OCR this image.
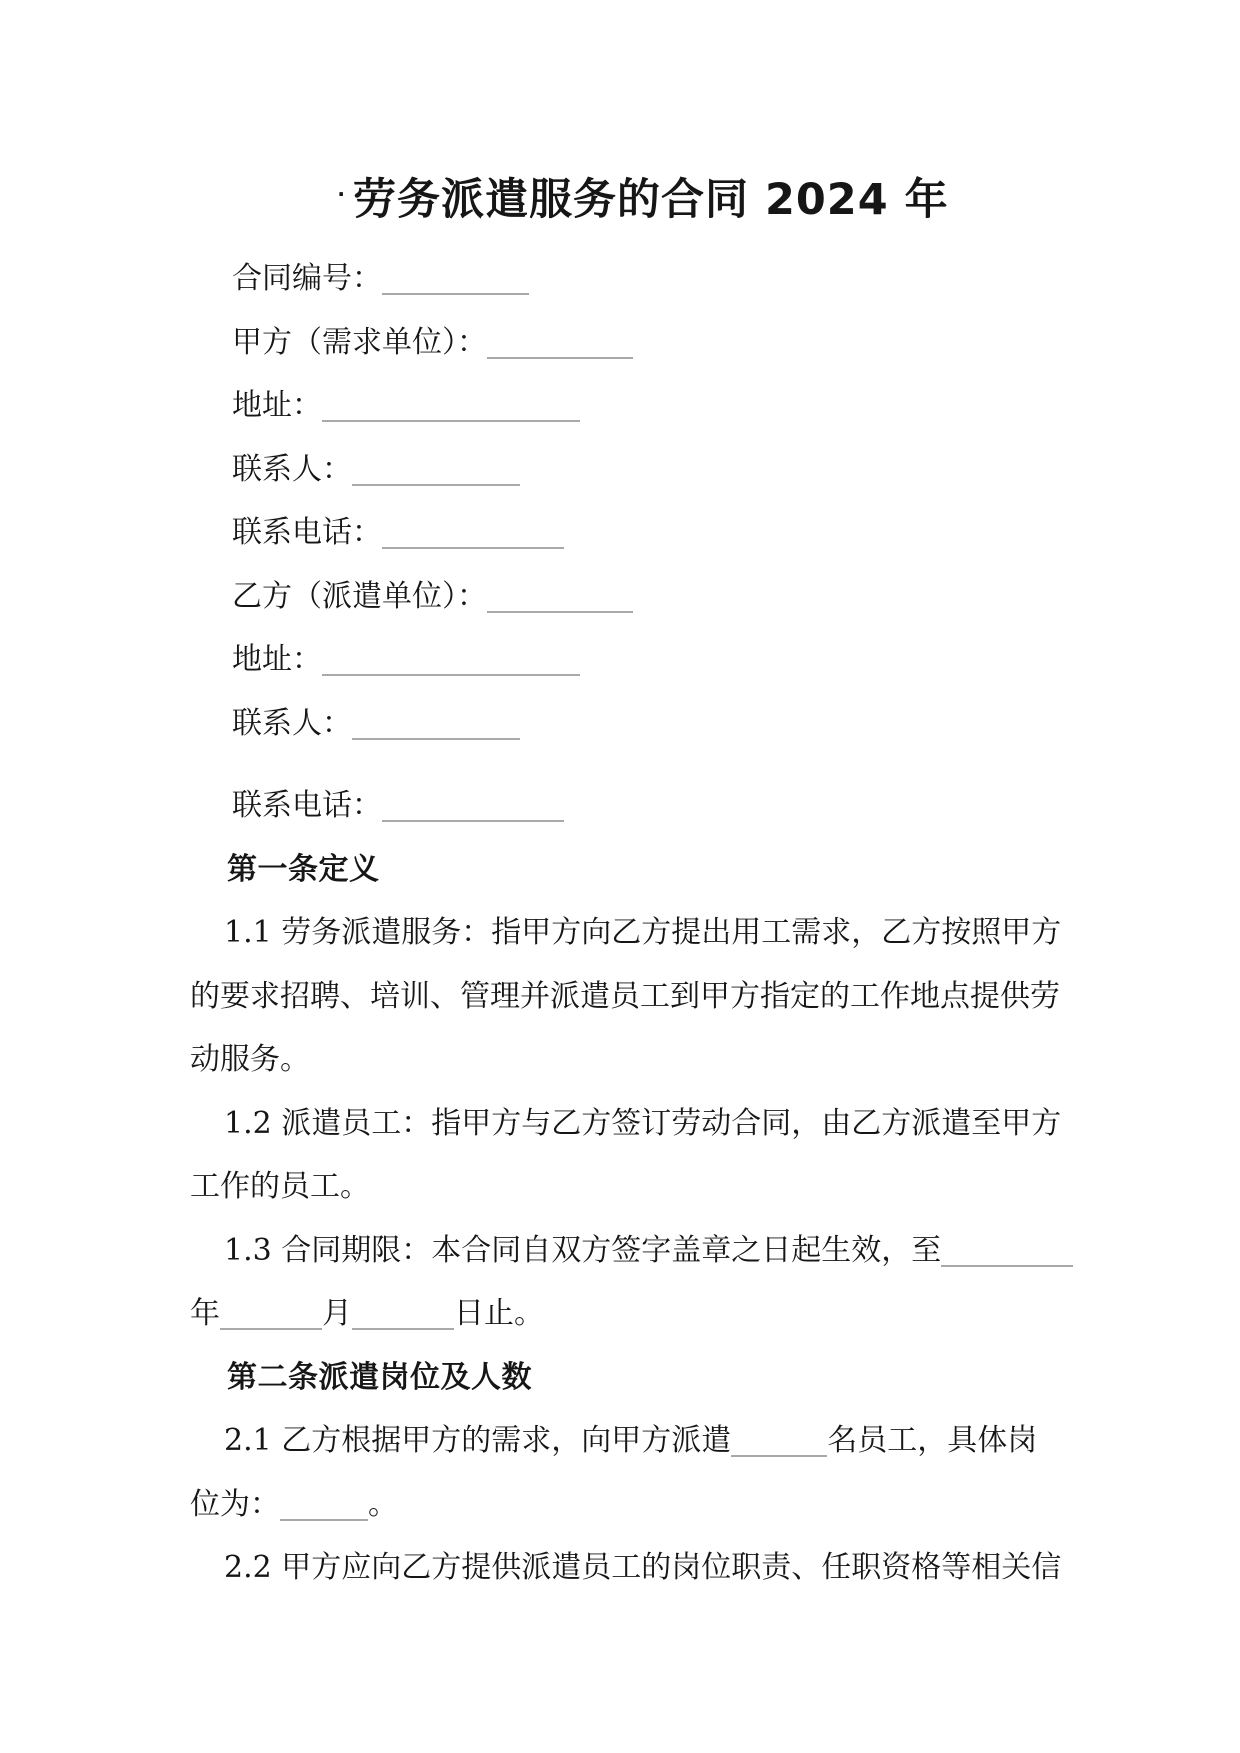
· 劳务派遣服务的合同 2024 年
合同编号：
甲方（需求单位）：
地址：
联系人：
联系电话：
乙方（派遣单位）：
地址：
联系人：
联系电话：
第一条定义
1.1 劳务派遣服务：指甲方向乙方提出用工需求，乙方按照甲方
的要求招聘、培训、管理并派遣员工到甲方指定的工作地点提供劳
动服务。
1.2 派遣员工：指甲方与乙方签订劳动合同，由乙方派遣至甲方
工作的员工。
1.3 合同期限：本合同自双方签字盖章之日起生效，至
年	月	日止。
第二条派遣岗位及人数
2.1 乙方根据甲方的需求，向甲方派遣	名员工，具体岗
位为：	。
2.2 甲方应向乙方提供派遣员工的岗位职责、任职资格等相关信
